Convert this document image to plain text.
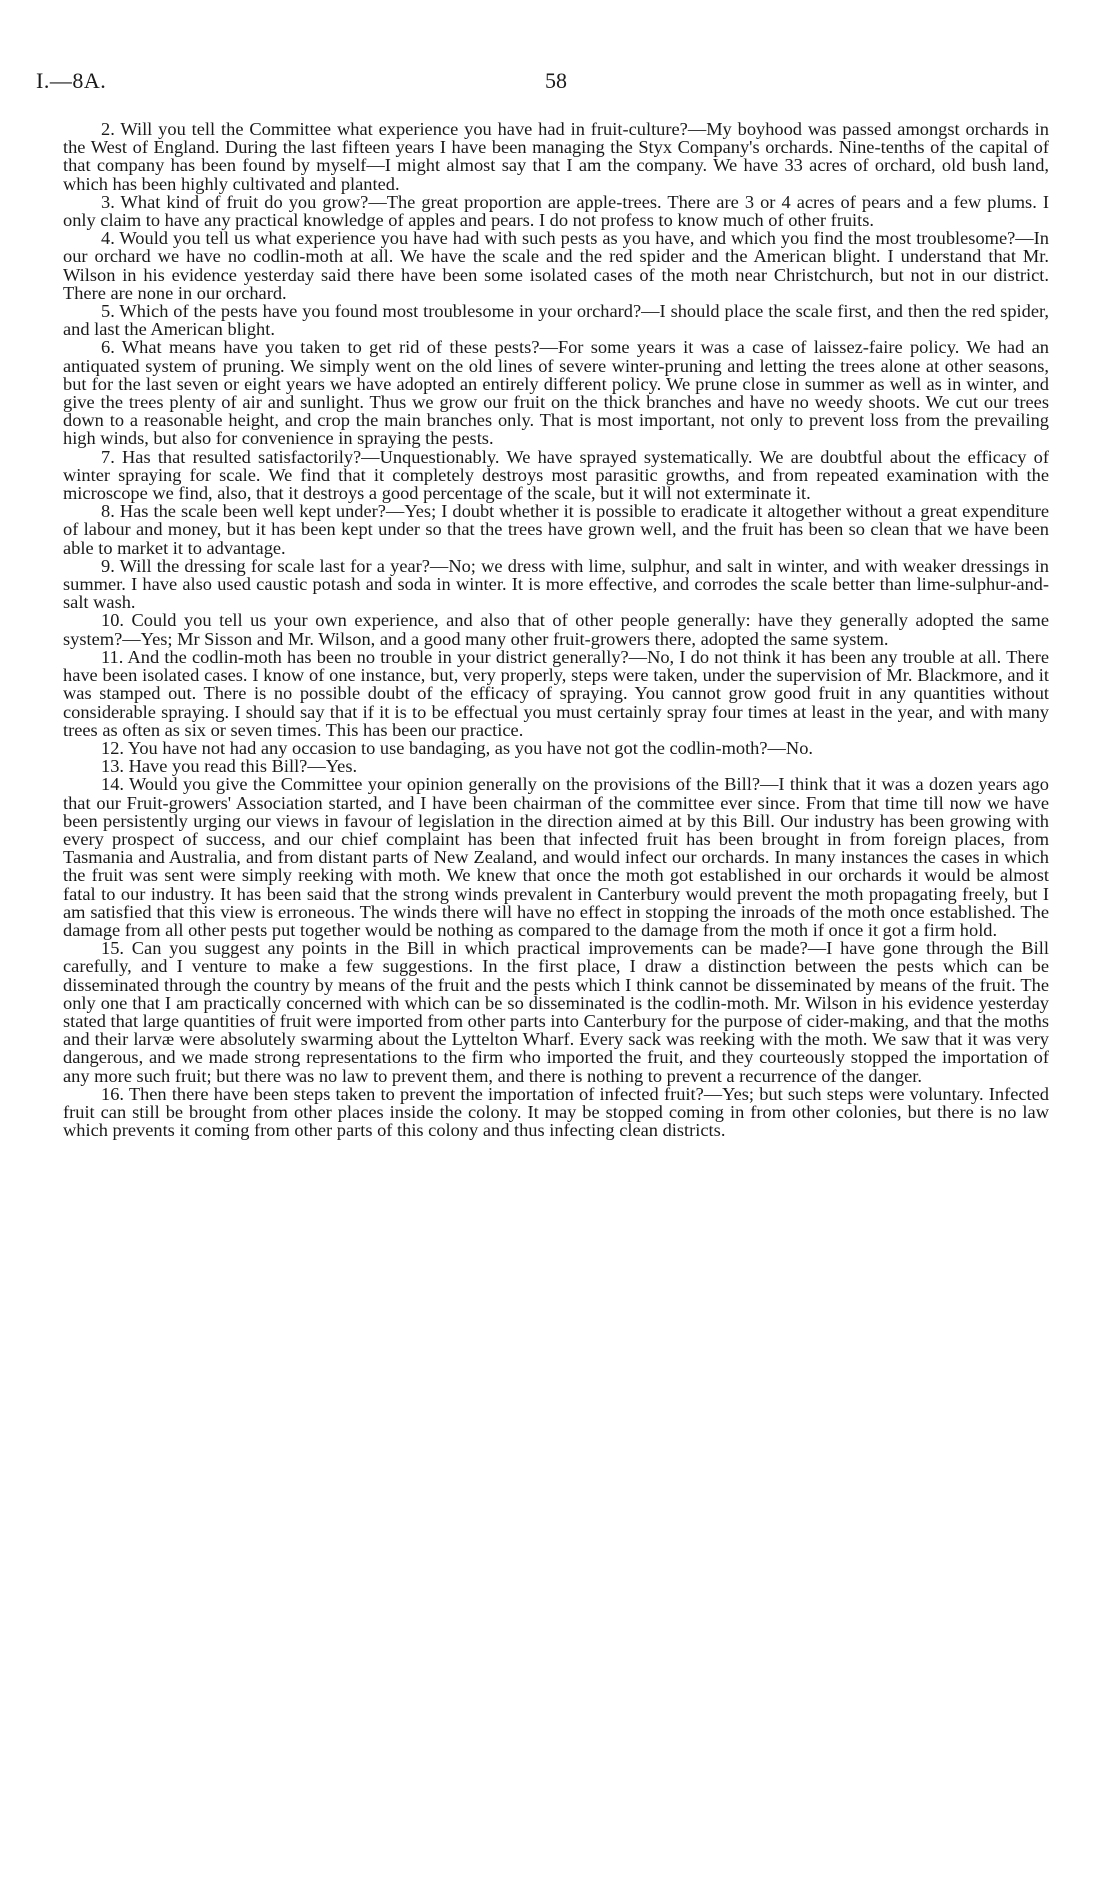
I.—8A.	58

2. Will you tell the Committee what experience you have had in fruit-culture?—My boyhood was passed amongst orchards in the West of England. During the last fifteen years I have been managing the Styx Company's orchards. Nine-tenths of the capital of that company has been found by myself—I might almost say that I am the company. We have 33 acres of orchard, old bush land, which has been highly cultivated and planted.

3. What kind of fruit do you grow?—The great proportion are apple-trees. There are 3 or 4 acres of pears and a few plums. I only claim to have any practical knowledge of apples and pears. I do not profess to know much of other fruits.

4. Would you tell us what experience you have had with such pests as you have, and which you find the most troublesome?—In our orchard we have no codlin-moth at all. We have the scale and the red spider and the American blight. I understand that Mr. Wilson in his evidence yesterday said there have been some isolated cases of the moth near Christchurch, but not in our district. There are none in our orchard.

5. Which of the pests have you found most troublesome in your orchard?—I should place the scale first, and then the red spider, and last the American blight.

6. What means have you taken to get rid of these pests?—For some years it was a case of laissez-faire policy. We had an antiquated system of pruning. We simply went on the old lines of severe winter-pruning and letting the trees alone at other seasons, but for the last seven or eight years we have adopted an entirely different policy. We prune close in summer as well as in winter, and give the trees plenty of air and sunlight. Thus we grow our fruit on the thick branches and have no weedy shoots. We cut our trees down to a reasonable height, and crop the main branches only. That is most important, not only to prevent loss from the prevailing high winds, but also for convenience in spraying the pests.

7. Has that resulted satisfactorily?—Unquestionably. We have sprayed systematically. We are doubtful about the efficacy of winter spraying for scale. We find that it completely destroys most parasitic growths, and from repeated examination with the microscope we find, also, that it destroys a good percentage of the scale, but it will not exterminate it.

8. Has the scale been well kept under?—Yes; I doubt whether it is possible to eradicate it altogether without a great expenditure of labour and money, but it has been kept under so that the trees have grown well, and the fruit has been so clean that we have been able to market it to advantage.

9. Will the dressing for scale last for a year?—No; we dress with lime, sulphur, and salt in winter, and with weaker dressings in summer. I have also used caustic potash and soda in winter. It is more effective, and corrodes the scale better than lime-sulphur-and-salt wash.

10. Could you tell us your own experience, and also that of other people generally: have they generally adopted the same system?—Yes; Mr Sisson and Mr. Wilson, and a good many other fruit-growers there, adopted the same system.

11. And the codlin-moth has been no trouble in your district generally?—No, I do not think it has been any trouble at all. There have been isolated cases. I know of one instance, but, very properly, steps were taken, under the supervision of Mr. Blackmore, and it was stamped out. There is no possible doubt of the efficacy of spraying. You cannot grow good fruit in any quantities without considerable spraying. I should say that if it is to be effectual you must certainly spray four times at least in the year, and with many trees as often as six or seven times. This has been our practice.

12. You have not had any occasion to use bandaging, as you have not got the codlin-moth?—No.

13. Have you read this Bill?—Yes.

14. Would you give the Committee your opinion generally on the provisions of the Bill?—I think that it was a dozen years ago that our Fruit-growers' Association started, and I have been chairman of the committee ever since. From that time till now we have been persistently urging our views in favour of legislation in the direction aimed at by this Bill. Our industry has been growing with every prospect of success, and our chief complaint has been that infected fruit has been brought in from foreign places, from Tasmania and Australia, and from distant parts of New Zealand, and would infect our orchards. In many instances the cases in which the fruit was sent were simply reeking with moth. We knew that once the moth got established in our orchards it would be almost fatal to our industry. It has been said that the strong winds prevalent in Canterbury would prevent the moth propagating freely, but I am satisfied that this view is erroneous. The winds there will have no effect in stopping the inroads of the moth once established. The damage from all other pests put together would be nothing as compared to the damage from the moth if once it got a firm hold.

15. Can you suggest any points in the Bill in which practical improvements can be made?—I have gone through the Bill carefully, and I venture to make a few suggestions. In the first place, I draw a distinction between the pests which can be disseminated through the country by means of the fruit and the pests which I think cannot be disseminated by means of the fruit. The only one that I am practically concerned with which can be so disseminated is the codlin-moth. Mr. Wilson in his evidence yesterday stated that large quantities of fruit were imported from other parts into Canterbury for the purpose of cider-making, and that the moths and their larvæ were absolutely swarming about the Lyttelton Wharf. Every sack was reeking with the moth. We saw that it was very dangerous, and we made strong representations to the firm who imported the fruit, and they courteously stopped the importation of any more such fruit; but there was no law to prevent them, and there is nothing to prevent a recurrence of the danger.

16. Then there have been steps taken to prevent the importation of infected fruit?—Yes; but such steps were voluntary. Infected fruit can still be brought from other places inside the colony. It may be stopped coming in from other colonies, but there is no law which prevents it coming from other parts of this colony and thus infecting clean districts.
